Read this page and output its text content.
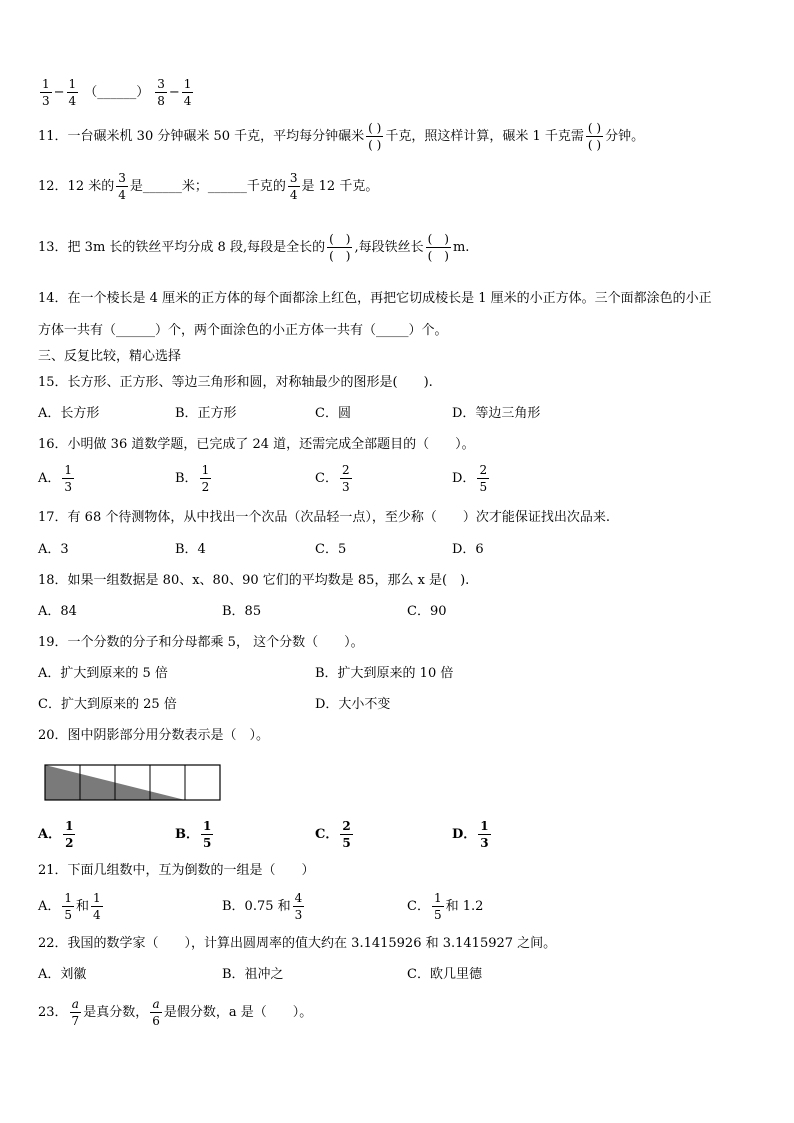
$\frac{1}{3} - \frac{1}{4}$ （______） $\frac{3}{8} - \frac{1}{4}$
11．一台碾米机 30 分钟碾米 50 千克，平均每分钟碾米 $\frac{( )}{( )}$ 千克，照这样计算，碾米 1 千克需 $\frac{( )}{( )}$ 分钟。
12．12 米的 $\frac{3}{4}$ 是______米；______千克的 $\frac{3}{4}$ 是 12 千克。
13．把 3m 长的铁丝平均分成 8 段,每段是全长的 $\frac{( )}{( )}$ ,每段铁丝长 $\frac{( )}{( )} m$.
14．在一个棱长是 4 厘米的正方体的每个面都涂上红色，再把它切成棱长是 1 厘米的小正方体。三个面都涂色的小正
方体一共有（______）个，两个面涂色的小正方体一共有（_____）个。
三、反复比较，精心选择
15．长方形、正方形、等边三角形和圆，对称轴最少的图形是(　　).
A．长方形	B．正方形	C．圆	D．等边三角形
16．小明做 36 道数学题，已完成了 24 道，还需完成全部题目的（　　）。
A． $\frac{1}{3}$	B． $\frac{1}{2}$	C． $\frac{2}{3}$	D． $\frac{2}{5}$
17．有 68 个待测物体，从中找出一个次品（次品轻一点），至少称（　　）次才能保证找出次品来.
A．3	B．4	C．5	D．6
18．如果一组数据是 80、x、80、90 它们的平均数是 85，那么 x 是(　).
A．84	B．85	C．90
19．一个分数的分子和分母都乘 5， 这个分数（　　）。
A．扩大到原来的 5 倍	B．扩大到原来的 10 倍
C．扩大到原来的 25 倍	D．大小不变
20．图中阴影部分用分数表示是（　）。
A． $\frac{1}{2}$	B． $\frac{1}{5}$	C． $\frac{2}{5}$	D． $\frac{1}{3}$
21．下面几组数中，互为倒数的一组是（　　）
A． $\frac{1}{5}$ 和 $\frac{1}{4}$	B．0.75 和 $\frac{4}{3}$	C． $\frac{1}{5}$ 和 1.2
22．我国的数学家（　　），计算出圆周率的值大约在 3.1415926 和 3.1415927 之间。
A．刘徽	B．祖冲之	C．欧几里德
23． $\frac{a}{7}$ 是真分数， $\frac{a}{6}$ 是假分数，a 是（　　）。
